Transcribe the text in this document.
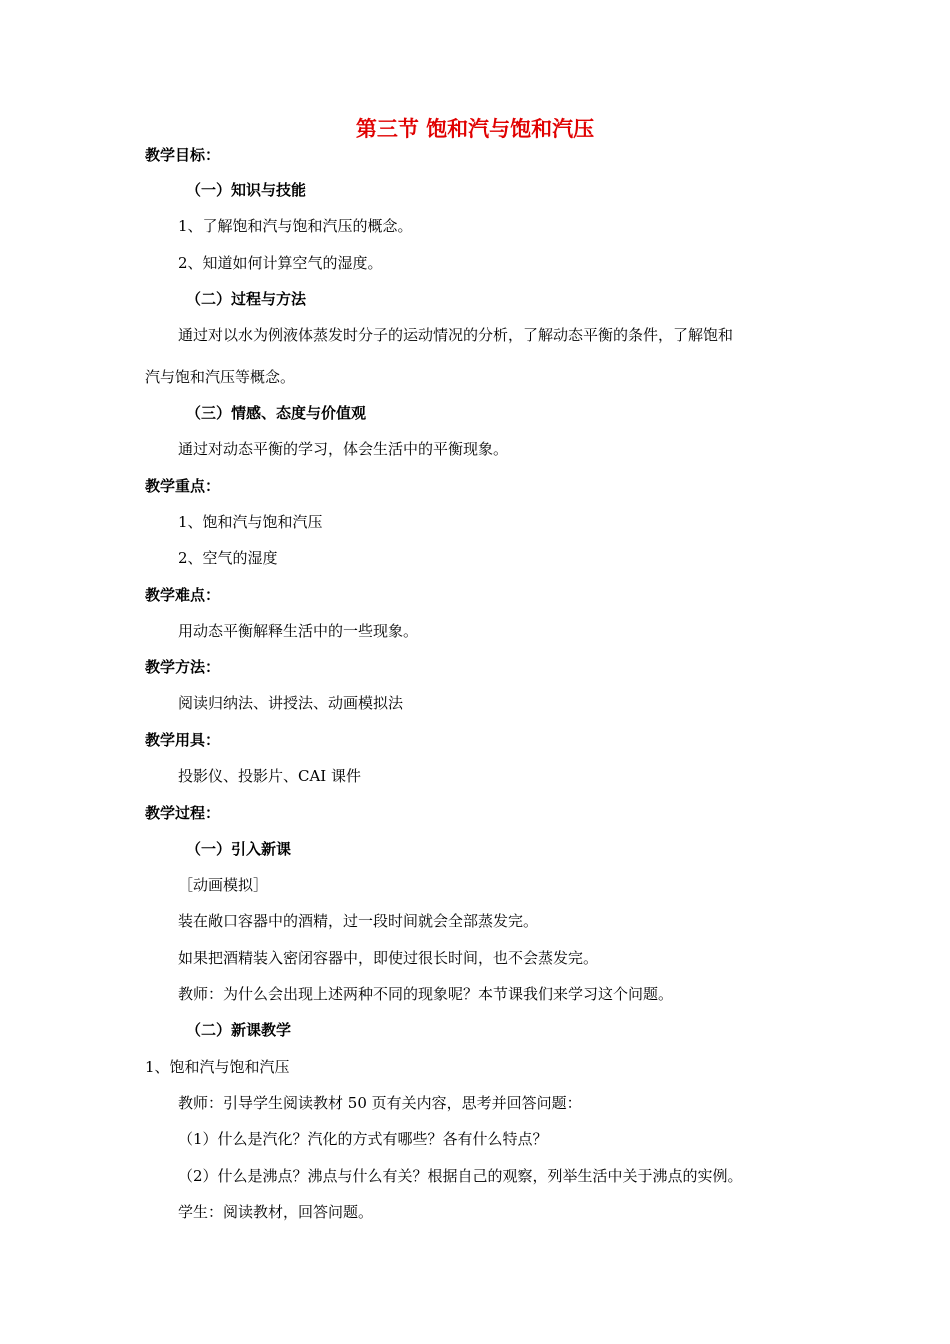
第三节 饱和汽与饱和汽压
教学目标：
（一）知识与技能
1、了解饱和汽与饱和汽压的概念。
2、知道如何计算空气的湿度。
（二）过程与方法
通过对以水为例液体蒸发时分子的运动情况的分析，了解动态平衡的条件，了解饱和
汽与饱和汽压等概念。
（三）情感、态度与价值观
通过对动态平衡的学习，体会生活中的平衡现象。
教学重点：
1、饱和汽与饱和汽压
2、空气的湿度
教学难点：
用动态平衡解释生活中的一些现象。
教学方法：
阅读归纳法、讲授法、动画模拟法
教学用具：
投影仪、投影片、CAI 课件
教学过程：
（一）引入新课
［动画模拟］
装在敞口容器中的酒精，过一段时间就会全部蒸发完。
如果把酒精装入密闭容器中，即使过很长时间，也不会蒸发完。
教师：为什么会出现上述两种不同的现象呢？本节课我们来学习这个问题。
（二）新课教学
1、饱和汽与饱和汽压
教师：引导学生阅读教材 50 页有关内容，思考并回答问题：
（1）什么是汽化？汽化的方式有哪些？各有什么特点？
（2）什么是沸点？沸点与什么有关？根据自己的观察，列举生活中关于沸点的实例。
学生：阅读教材，回答问题。
